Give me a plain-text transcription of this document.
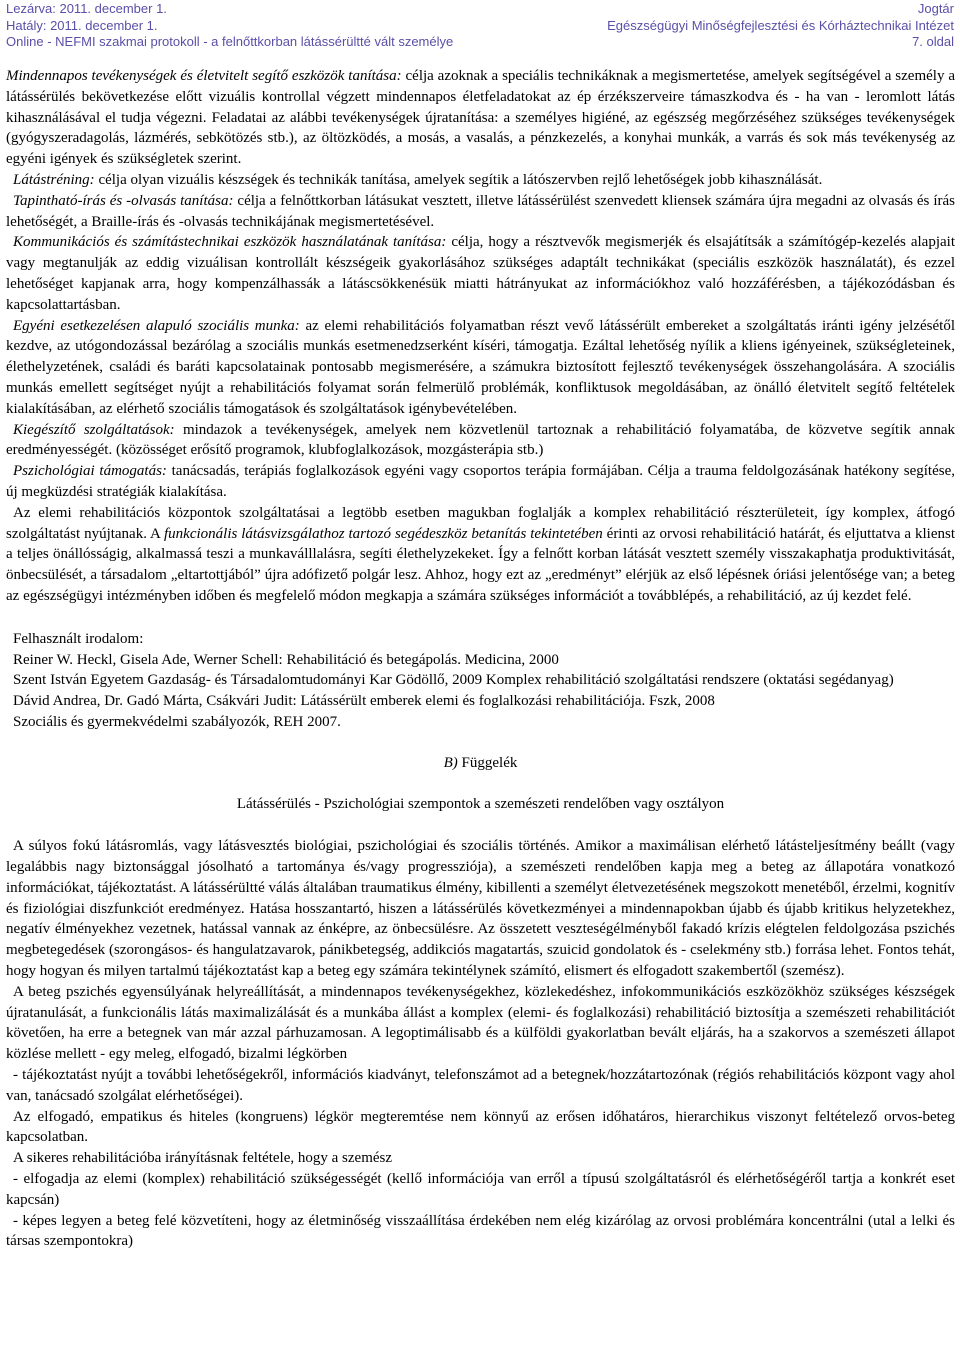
Lezárva: 2011. december 1.
Hatály: 2011. december 1.
Online - NEFMI szakmai protokoll - a felnőttkorban látássérültté vált személye
Jogtár
Egészségügyi Minőségfejlesztési és Kórháztechnikai Intézet
7. oldal

Mindennapos tevékenységek és életvitelt segítő eszközök tanítása: célja azoknak a speciális technikáknak a megismertetése, amelyek segítségével a személy a látássérülés bekövetkezése előtt vizuális kontrollal végzett mindennapos életfeladatokat az ép érzékszerveire támaszkodva és - ha van - leromlott látás kihasználásával el tudja végezni. Feladatai az alábbi tevékenységek újratanítása: a személyes higiéné, az egészség megőrzéséhez szükséges tevékenységek (gyógyszeradagolás, lázmérés, sebkötözés stb.), az öltözködés, a mosás, a vasalás, a pénzkezelés, a konyhai munkák, a varrás és sok más tevékenység az egyéni igények és szükségletek szerint.

Látástréning: célja olyan vizuális készségek és technikák tanítása, amelyek segítik a látószervben rejlő lehetőségek jobb kihasználását.

Tapintható-írás és -olvasás tanítása: célja a felnőttkorban látásukat vesztett, illetve látássérülést szenvedett kliensek számára újra megadni az olvasás és írás lehetőségét, a Braille-írás és -olvasás technikájának megismertetésével.

Kommunikációs és számítástechnikai eszközök használatának tanítása: célja, hogy a résztvevők megismerjék és elsajátítsák a számítógép-kezelés alapjait vagy megtanulják az eddig vizuálisan kontrollált készségeik gyakorlásához szükséges adaptált technikákat (speciális eszközök használatát), és ezzel lehetőséget kapjanak arra, hogy kompenzálhassák a látáscsökkenésük miatti hátrányukat az információkhoz való hozzáférésben, a tájékozódásban és kapcsolattartásban.

Egyéni esetkezelésen alapuló szociális munka: az elemi rehabilitációs folyamatban részt vevő látássérült embereket a szolgáltatás iránti igény jelzésétől kezdve, az utógondozással bezárólag a szociális munkás esetmenedzserként kíséri, támogatja. Ezáltal lehetőség nyílik a kliens igényeinek, szükségleteinek, élethelyzetének, családi és baráti kapcsolatainak pontosabb megismerésére, a számukra biztosított fejlesztő tevékenységek összehangolására. A szociális munkás emellett segítséget nyújt a rehabilitációs folyamat során felmerülő problémák, konfliktusok megoldásában, az önálló életvitelt segítő feltételek kialakításában, az elérhető szociális támogatások és szolgáltatások igénybevételében.

Kiegészítő szolgáltatások: mindazok a tevékenységek, amelyek nem közvetlenül tartoznak a rehabilitáció folyamatába, de közvetve segítik annak eredményességét. (közösséget erősítő programok, klubfoglalkozások, mozgásterápia stb.)

Pszichológiai támogatás: tanácsadás, terápiás foglalkozások egyéni vagy csoportos terápia formájában. Célja a trauma feldolgozásának hatékony segítése, új megküzdési stratégiák kialakítása.

Az elemi rehabilitációs központok szolgáltatásai a legtöbb esetben magukban foglalják a komplex rehabilitáció részterületeit, így komplex, átfogó szolgáltatást nyújtanak. A funkcionális látásvizsgálathoz tartozó segédeszköz betanítás tekintetében érinti az orvosi rehabilitáció határát, és eljuttatva a klienst a teljes önállósságig, alkalmassá teszi a munkaválllalásra, segíti élethelyzekeket. Így a felnőtt korban látását vesztett személy visszakaphatja produktivitását, önbecsülését, a társadalom „eltartottjából” újra adófizető polgár lesz. Ahhoz, hogy ezt az „eredményt” elérjük az első lépésnek óriási jelentősége van; a beteg az egészségügyi intézményben időben és megfelelő módon megkapja a számára szükséges információt a továbblépés, a rehabilitáció, az új kezdet felé.

Felhasznált irodalom:

Reiner W. Heckl, Gisela Ade, Werner Schell: Rehabilitáció és betegápolás. Medicina, 2000

Szent István Egyetem Gazdaság- és Társadalomtudományi Kar Gödöllő, 2009 Komplex rehabilitáció szolgáltatási rendszere (oktatási segédanyag)

Dávid Andrea, Dr. Gadó Márta, Csákvári Judit: Látássérült emberek elemi és foglalkozási rehabilitációja. Fszk, 2008

Szociális és gyermekvédelmi szabályozók, REH 2007.

B) Függelék

Látássérülés - Pszichológiai szempontok a szemészeti rendelőben vagy osztályon

A súlyos fokú látásromlás, vagy látásvesztés biológiai, pszichológiai és szociális történés. Amikor a maximálisan elérhető látásteljesítmény beállt (vagy legalábbis nagy biztonsággal jósolható a tartománya és/vagy progressziója), a szemészeti rendelőben kapja meg a beteg az állapotára vonatkozó információkat, tájékoztatást. A látássérültté válás általában traumatikus élmény, kibillenti a személyt életvezetésének megszokott menetéből, érzelmi, kognitív és fiziológiai diszfunkciót eredményez. Hatása hosszantartó, hiszen a látássérülés következményei a mindennapokban újabb és újabb kritikus helyzetekhez, negatív élményekhez vezetnek, hatással vannak az énképre, az önbecsülésre. Az összetett veszteségélményből fakadó krízis elégtelen feldolgozása pszichés megbetegedések (szorongásos- és hangulatzavarok, pánikbetegség, addikciós magatartás, szuicid gondolatok és - cselekmény stb.) forrása lehet. Fontos tehát, hogy hogyan és milyen tartalmú tájékoztatást kap a beteg egy számára tekintélynek számító, elismert és elfogadott szakembertől (szemész).

A beteg pszichés egyensúlyának helyreállítását, a mindennapos tevékenységekhez, közlekedéshez, infokommunikációs eszközökhöz szükséges készségek újratanulását, a funkcionális látás maximalizálását és a munkába állást a komplex (elemi- és foglalkozási) rehabilitáció biztosítja a szemészeti rehabilitációt követően, ha erre a betegnek van már azzal párhuzamosan. A legoptimálisabb és a külföldi gyakorlatban bevált eljárás, ha a szakorvos a szemészeti állapot közlése mellett - egy meleg, elfogadó, bizalmi légkörben

- tájékoztatást nyújt a további lehetőségekről, információs kiadványt, telefonszámot ad a betegnek/hozzátartozónak (régiós rehabilitációs központ vagy ahol van, tanácsadó szolgálat elérhetőségei).

Az elfogadó, empatikus és hiteles (kongruens) légkör megteremtése nem könnyű az erősen időhatáros, hierarchikus viszonyt feltételező orvos-beteg kapcsolatban.

A sikeres rehabilitációba irányításnak feltétele, hogy a szemész

- elfogadja az elemi (komplex) rehabilitáció szükségességét (kellő információja van erről a típusú szolgáltatásról és elérhetőségéről tartja a konkrét eset kapcsán)

- képes legyen a beteg felé közvetíteni, hogy az életminőség visszaállítása érdekében nem elég kizárólag az orvosi problémára koncentrálni (utal a lelki és társas szempontokra)
